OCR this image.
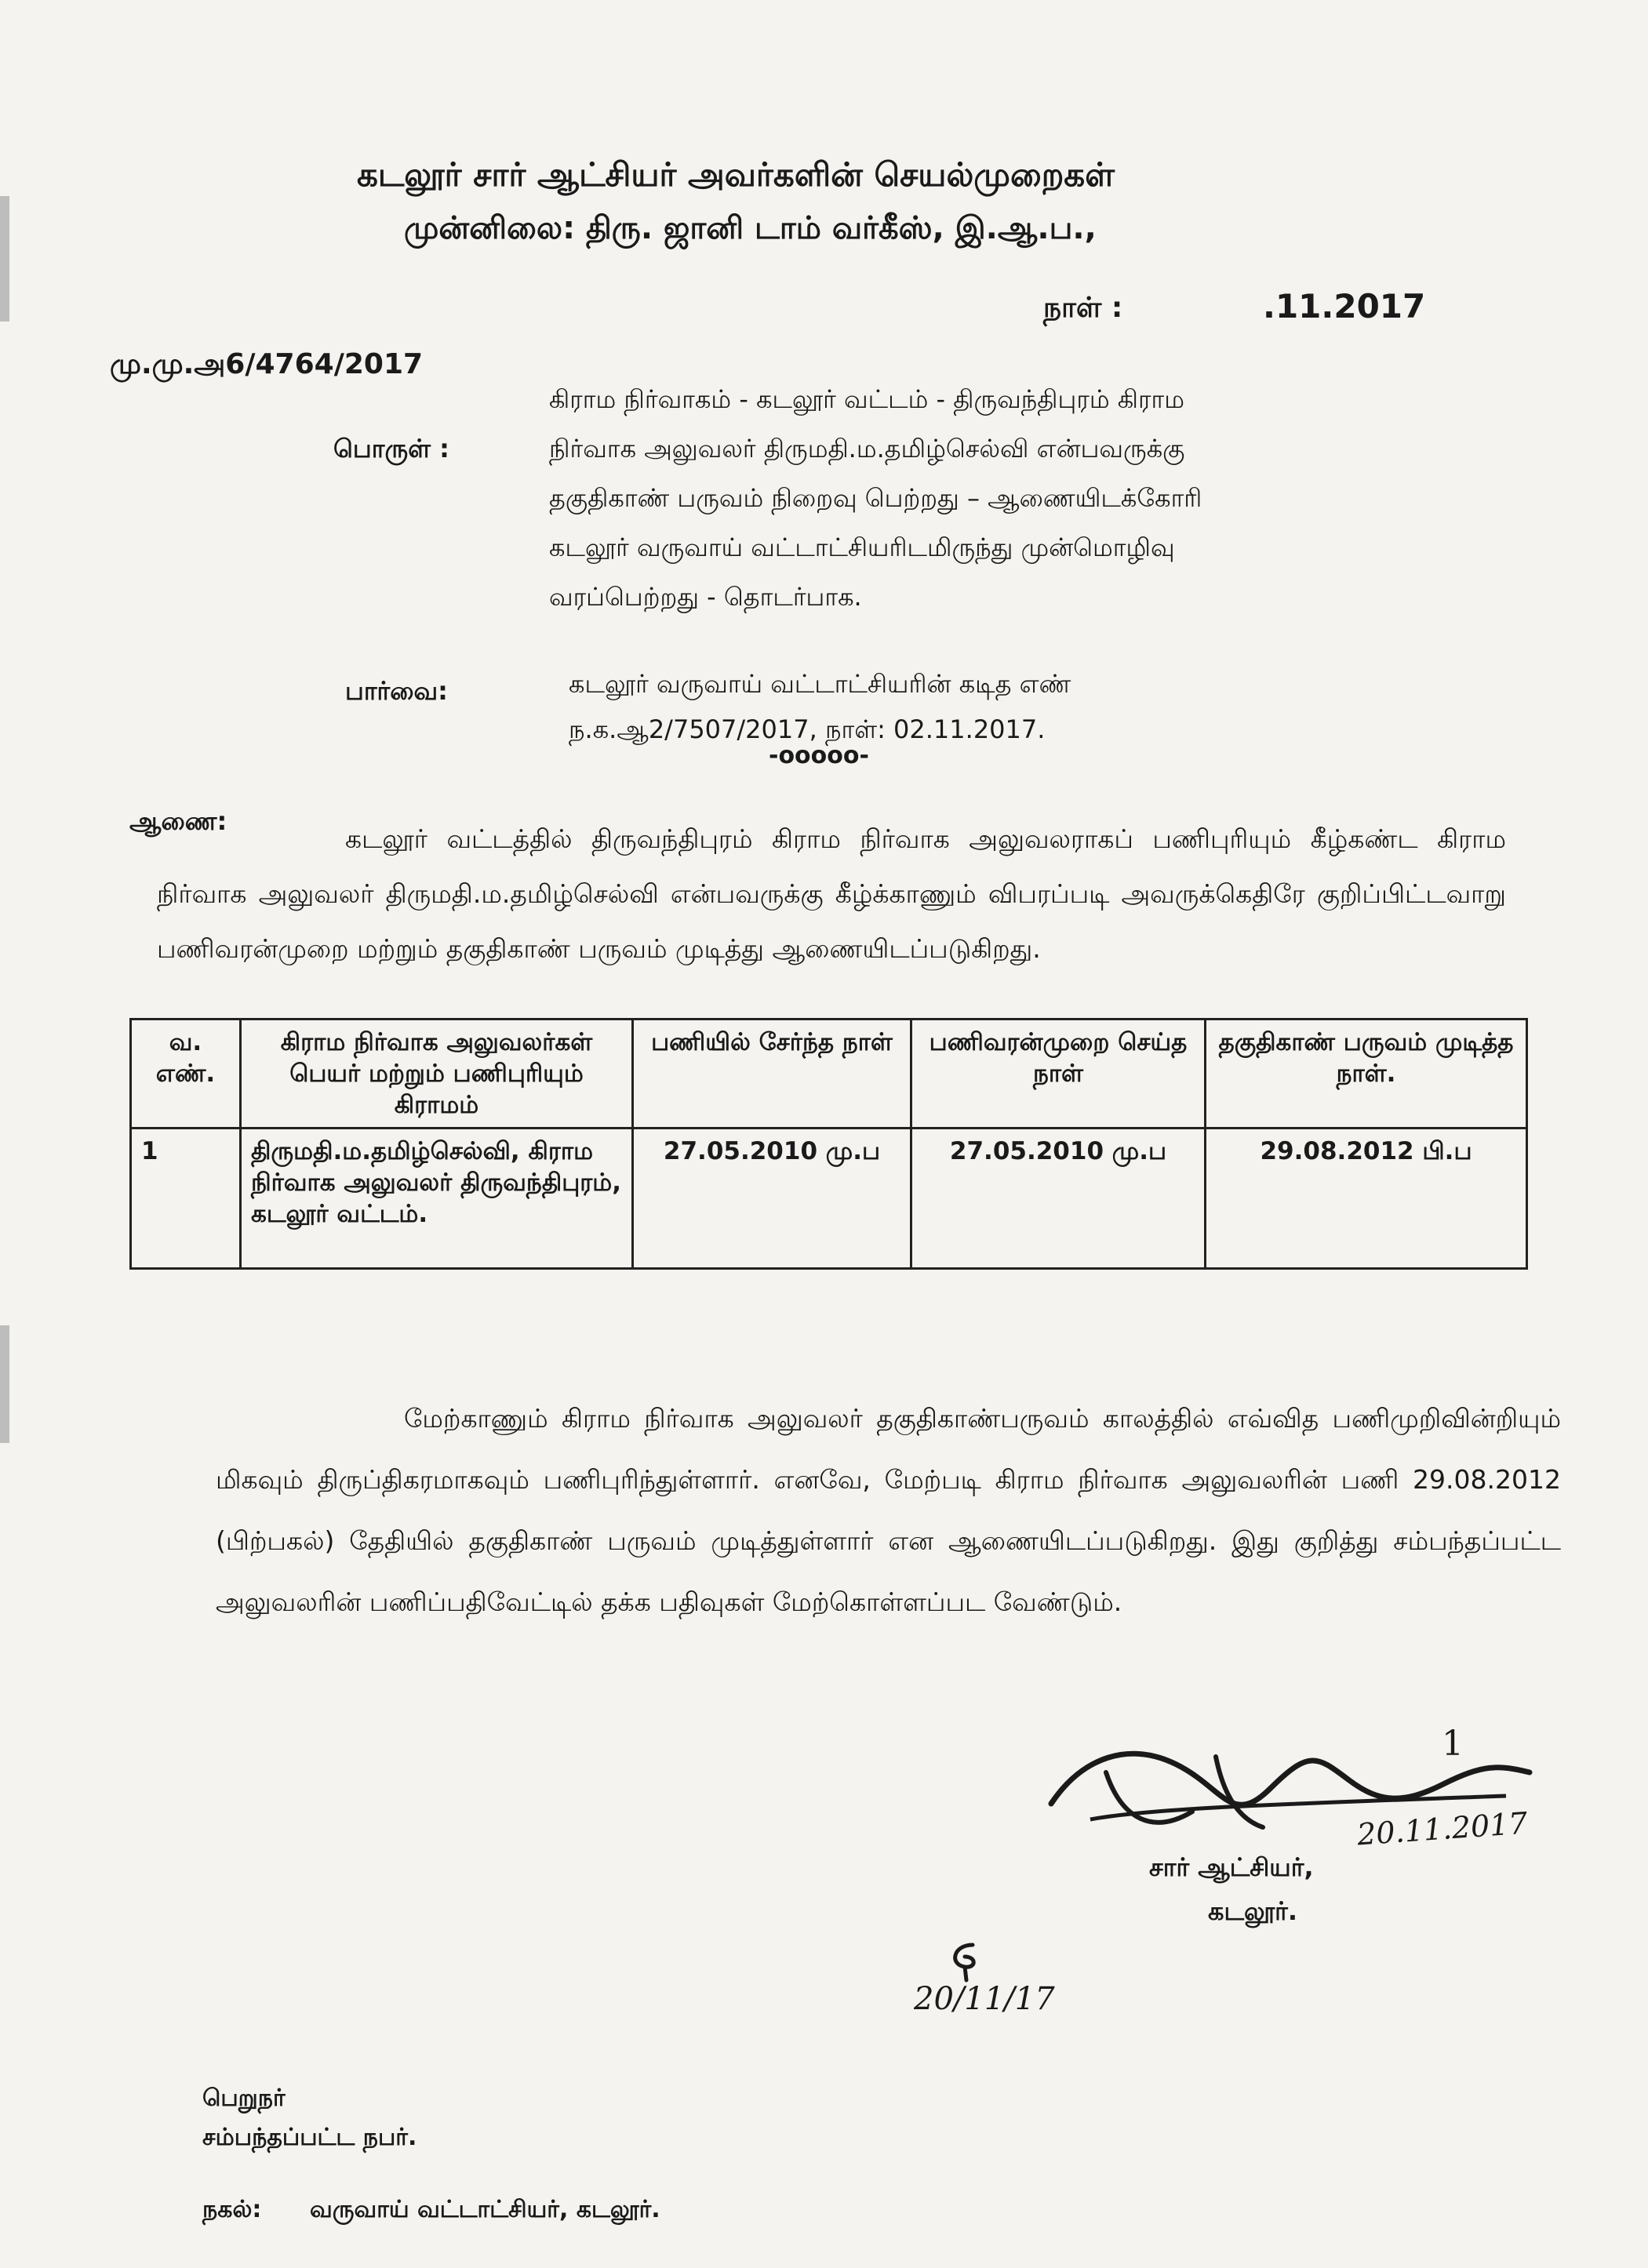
கடலூர் சார் ஆட்சியர் அவர்களின் செயல்முறைகள்
முன்னிலை: திரு. ஜானி டாம் வர்கீஸ், இ.ஆ.ப.,
நாள் :	.11.2017
மு.மு.அ6/4764/2017
பொருள் :
கிராம நிர்வாகம் - கடலூர் வட்டம் - திருவந்திபுரம் கிராம
நிர்வாக அலுவலர் திருமதி.ம.தமிழ்செல்வி என்பவருக்கு
தகுதிகாண் பருவம் நிறைவு பெற்றது – ஆணையிடக்கோரி
கடலூர் வருவாய் வட்டாட்சியரிடமிருந்து முன்மொழிவு
வரப்பெற்றது - தொடர்பாக.
பார்வை:	கடலூர் வருவாய் வட்டாட்சியரின் கடித எண்
ந.க.ஆ2/7507/2017, நாள்: 02.11.2017.
-ooooo-
ஆணை:
கடலூர் வட்டத்தில் திருவந்திபுரம் கிராம நிர்வாக அலுவலராகப் பணிபுரியும் கீழ்கண்ட கிராம நிர்வாக அலுவலர் திருமதி.ம.தமிழ்செல்வி என்பவருக்கு கீழ்க்காணும் விபரப்படி அவருக்கெதிரே குறிப்பிட்டவாறு பணிவரன்முறை மற்றும் தகுதிகாண் பருவம் முடித்து ஆணையிடப்படுகிறது.
வ. எண்.	கிராம நிர்வாக அலுவலர்கள் பெயர் மற்றும் பணிபுரியும் கிராமம்	பணியில் சேர்ந்த நாள்	பணிவரன்முறை செய்த நாள்	தகுதிகாண் பருவம் முடித்த நாள்.
1	திருமதி.ம.தமிழ்செல்வி, கிராம நிர்வாக அலுவலர் திருவந்திபுரம், கடலூர் வட்டம்.	27.05.2010 மு.ப	27.05.2010 மு.ப	29.08.2012 பி.ப
மேற்காணும் கிராம நிர்வாக அலுவலர் தகுதிகாண்பருவம் காலத்தில் எவ்வித பணிமுறிவின்றியும் மிகவும் திருப்திகரமாகவும் பணிபுரிந்துள்ளார். எனவே, மேற்படி கிராம நிர்வாக அலுவலரின் பணி 29.08.2012 (பிற்பகல்) தேதியில் தகுதிகாண் பருவம் முடித்துள்ளார் என ஆணையிடப்படுகிறது. இது குறித்து சம்பந்தப்பட்ட அலுவலரின் பணிப்பதிவேட்டில் தக்க பதிவுகள் மேற்கொள்ளப்பட வேண்டும்.
1
20.11.2017
சார் ஆட்சியர்,
கடலூர்.
20/11/17
பெறுநர்
சம்பந்தப்பட்ட நபர்.
நகல்: வருவாய் வட்டாட்சியர், கடலூர்.
